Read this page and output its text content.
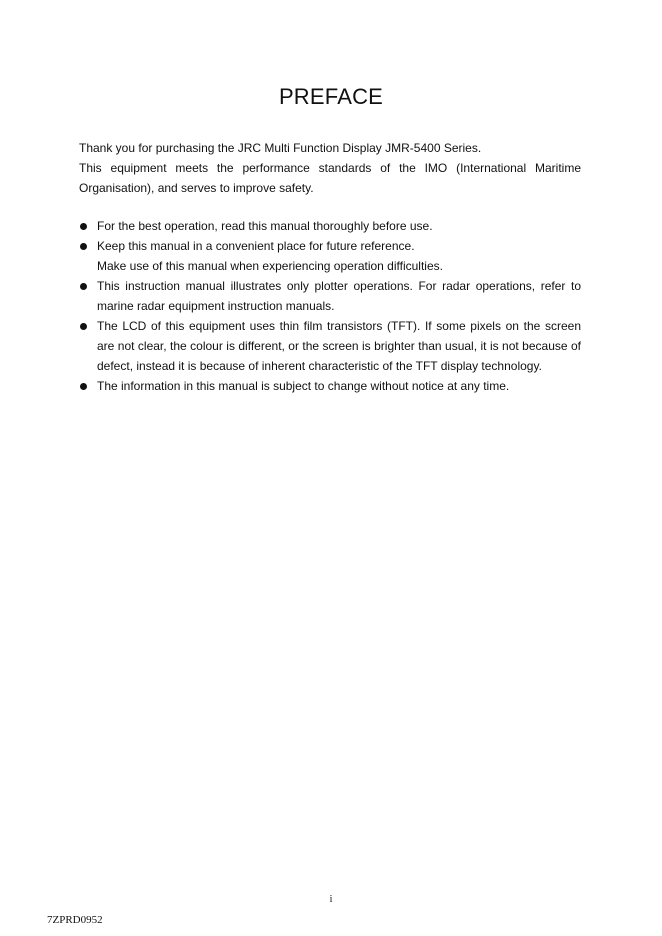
PREFACE

Thank you for purchasing the JRC Multi Function Display JMR-5400 Series.

This equipment meets the performance standards of the IMO (International Maritime Organisation), and serves to improve safety.

For the best operation, read this manual thoroughly before use.
Keep this manual in a convenient place for future reference.
Make use of this manual when experiencing operation difficulties.
This instruction manual illustrates only plotter operations. For radar operations, refer to marine radar equipment instruction manuals.
The LCD of this equipment uses thin film transistors (TFT). If some pixels on the screen are not clear, the colour is different, or the screen is brighter than usual, it is not because of defect, instead it is because of inherent characteristic of the TFT display technology.
The information in this manual is subject to change without notice at any time.
i
7ZPRD0952
